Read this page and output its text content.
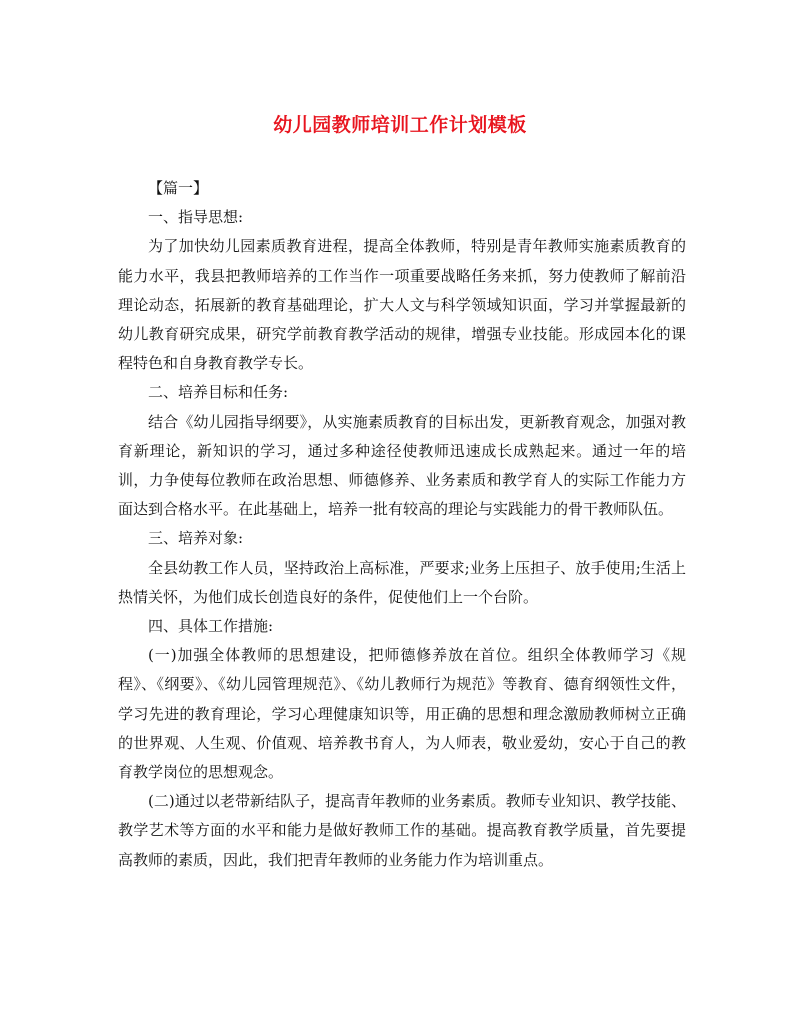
幼儿园教师培训工作计划模板

【篇一】

一、指导思想:

为了加快幼儿园素质教育进程，提高全体教师，特别是青年教师实施素质教育的能力水平，我县把教师培养的工作当作一项重要战略任务来抓，努力使教师了解前沿理论动态，拓展新的教育基础理论，扩大人文与科学领域知识面，学习并掌握最新的幼儿教育研究成果，研究学前教育教学活动的规律，增强专业技能。形成园本化的课程特色和自身教育教学专长。

二、培养目标和任务:

结合《幼儿园指导纲要》，从实施素质教育的目标出发，更新教育观念，加强对教育新理论，新知识的学习，通过多种途径使教师迅速成长成熟起来。通过一年的培训，力争使每位教师在政治思想、师德修养、业务素质和教学育人的实际工作能力方面达到合格水平。在此基础上，培养一批有较高的理论与实践能力的骨干教师队伍。

三、培养对象:

全县幼教工作人员，坚持政治上高标准，严要求;业务上压担子、放手使用;生活上热情关怀，为他们成长创造良好的条件，促使他们上一个台阶。

四、具体工作措施:

(一)加强全体教师的思想建设，把师德修养放在首位。组织全体教师学习《规程》、《纲要》、《幼儿园管理规范》、《幼儿教师行为规范》等教育、德育纲领性文件，学习先进的教育理论，学习心理健康知识等，用正确的思想和理念激励教师树立正确的世界观、人生观、价值观、培养教书育人，为人师表，敬业爱幼，安心于自己的教育教学岗位的思想观念。

(二)通过以老带新结队子，提高青年教师的业务素质。教师专业知识、教学技能、教学艺术等方面的水平和能力是做好教师工作的基础。提高教育教学质量，首先要提高教师的素质，因此，我们把青年教师的业务能力作为培训重点。
